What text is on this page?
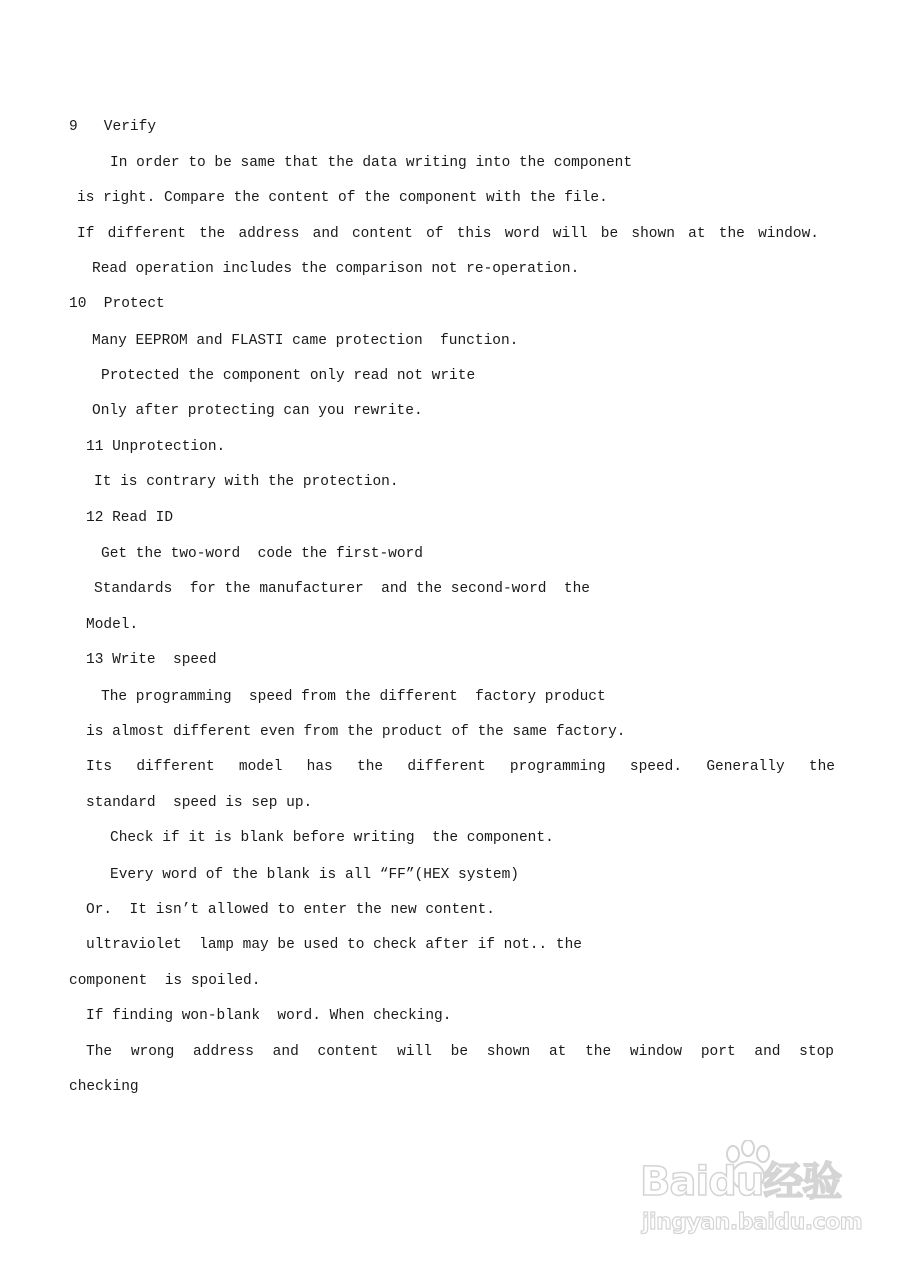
9   Verify

In order to be same that the data writing into the component

is right. Compare the content of the component with the file.

If different the address and content of this word will be shown at the window.

Read operation includes the comparison not re-operation.

10  Protect

Many EEPROM and FLASTI came protection  function.

Protected the component only read not write

Only after protecting can you rewrite.

11 Unprotection.

It is contrary with the protection.

12 Read ID

Get the two-word  code the first-word

Standards  for the manufacturer  and the second-word  the

Model.

13 Write  speed

The programming  speed from the different  factory product

is almost different even from the product of the same factory.

Its different model has the different programming speed. Generally the

standard  speed is sep up.

Check if it is blank before writing  the component.

Every word of the blank is all “FF”(HEX system)

Or.  It isn’t allowed to enter the new content.

ultraviolet  lamp may be used to check after if not.. the

component  is spoiled.

If finding won-blank  word. When checking.

The wrong address and content will be shown at the window port and stop

checking

Baidu经验
jingyan.baidu.com
